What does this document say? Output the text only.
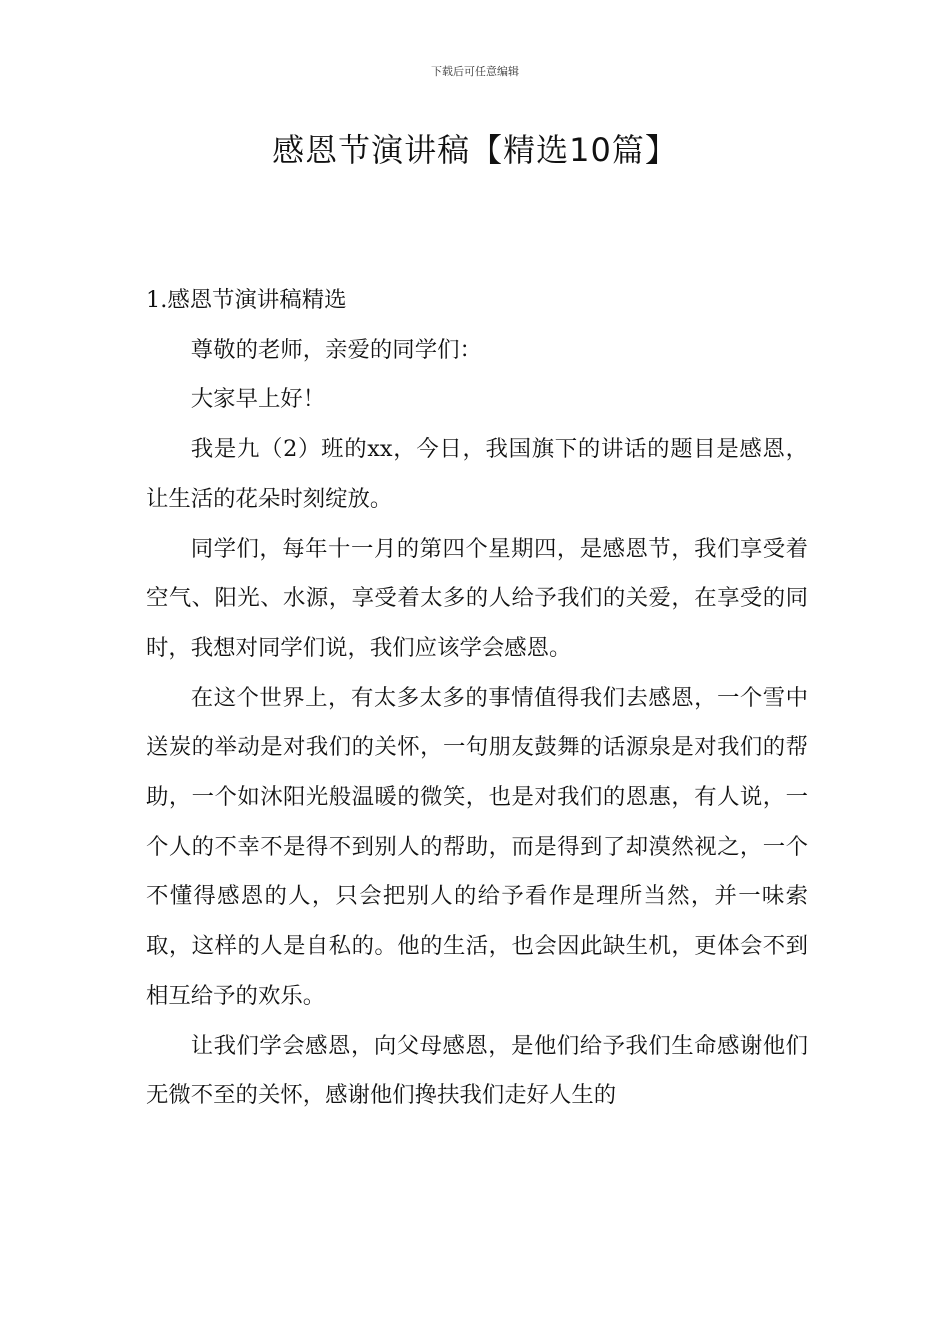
下载后可任意编辑
感恩节演讲稿【精选10篇】

1.感恩节演讲稿精选

尊敬的老师，亲爱的同学们：

大家早上好！

我是九（2）班的xx，今日，我国旗下的讲话的题目是感恩，让生活的花朵时刻绽放。

同学们，每年十一月的第四个星期四，是感恩节，我们享受着空气、阳光、水源，享受着太多的人给予我们的关爱，在享受的同时，我想对同学们说，我们应该学会感恩。

在这个世界上，有太多太多的事情值得我们去感恩，一个雪中送炭的举动是对我们的关怀，一句朋友鼓舞的话源泉是对我们的帮助，一个如沐阳光般温暖的微笑，也是对我们的恩惠，有人说，一个人的不幸不是得不到别人的帮助，而是得到了却漠然视之，一个不懂得感恩的人，只会把别人的给予看作是理所当然，并一味索取，这样的人是自私的。他的生活，也会因此缺生机，更体会不到相互给予的欢乐。

让我们学会感恩，向父母感恩，是他们给予我们生命感谢他们无微不至的关怀，感谢他们搀扶我们走好人生的
